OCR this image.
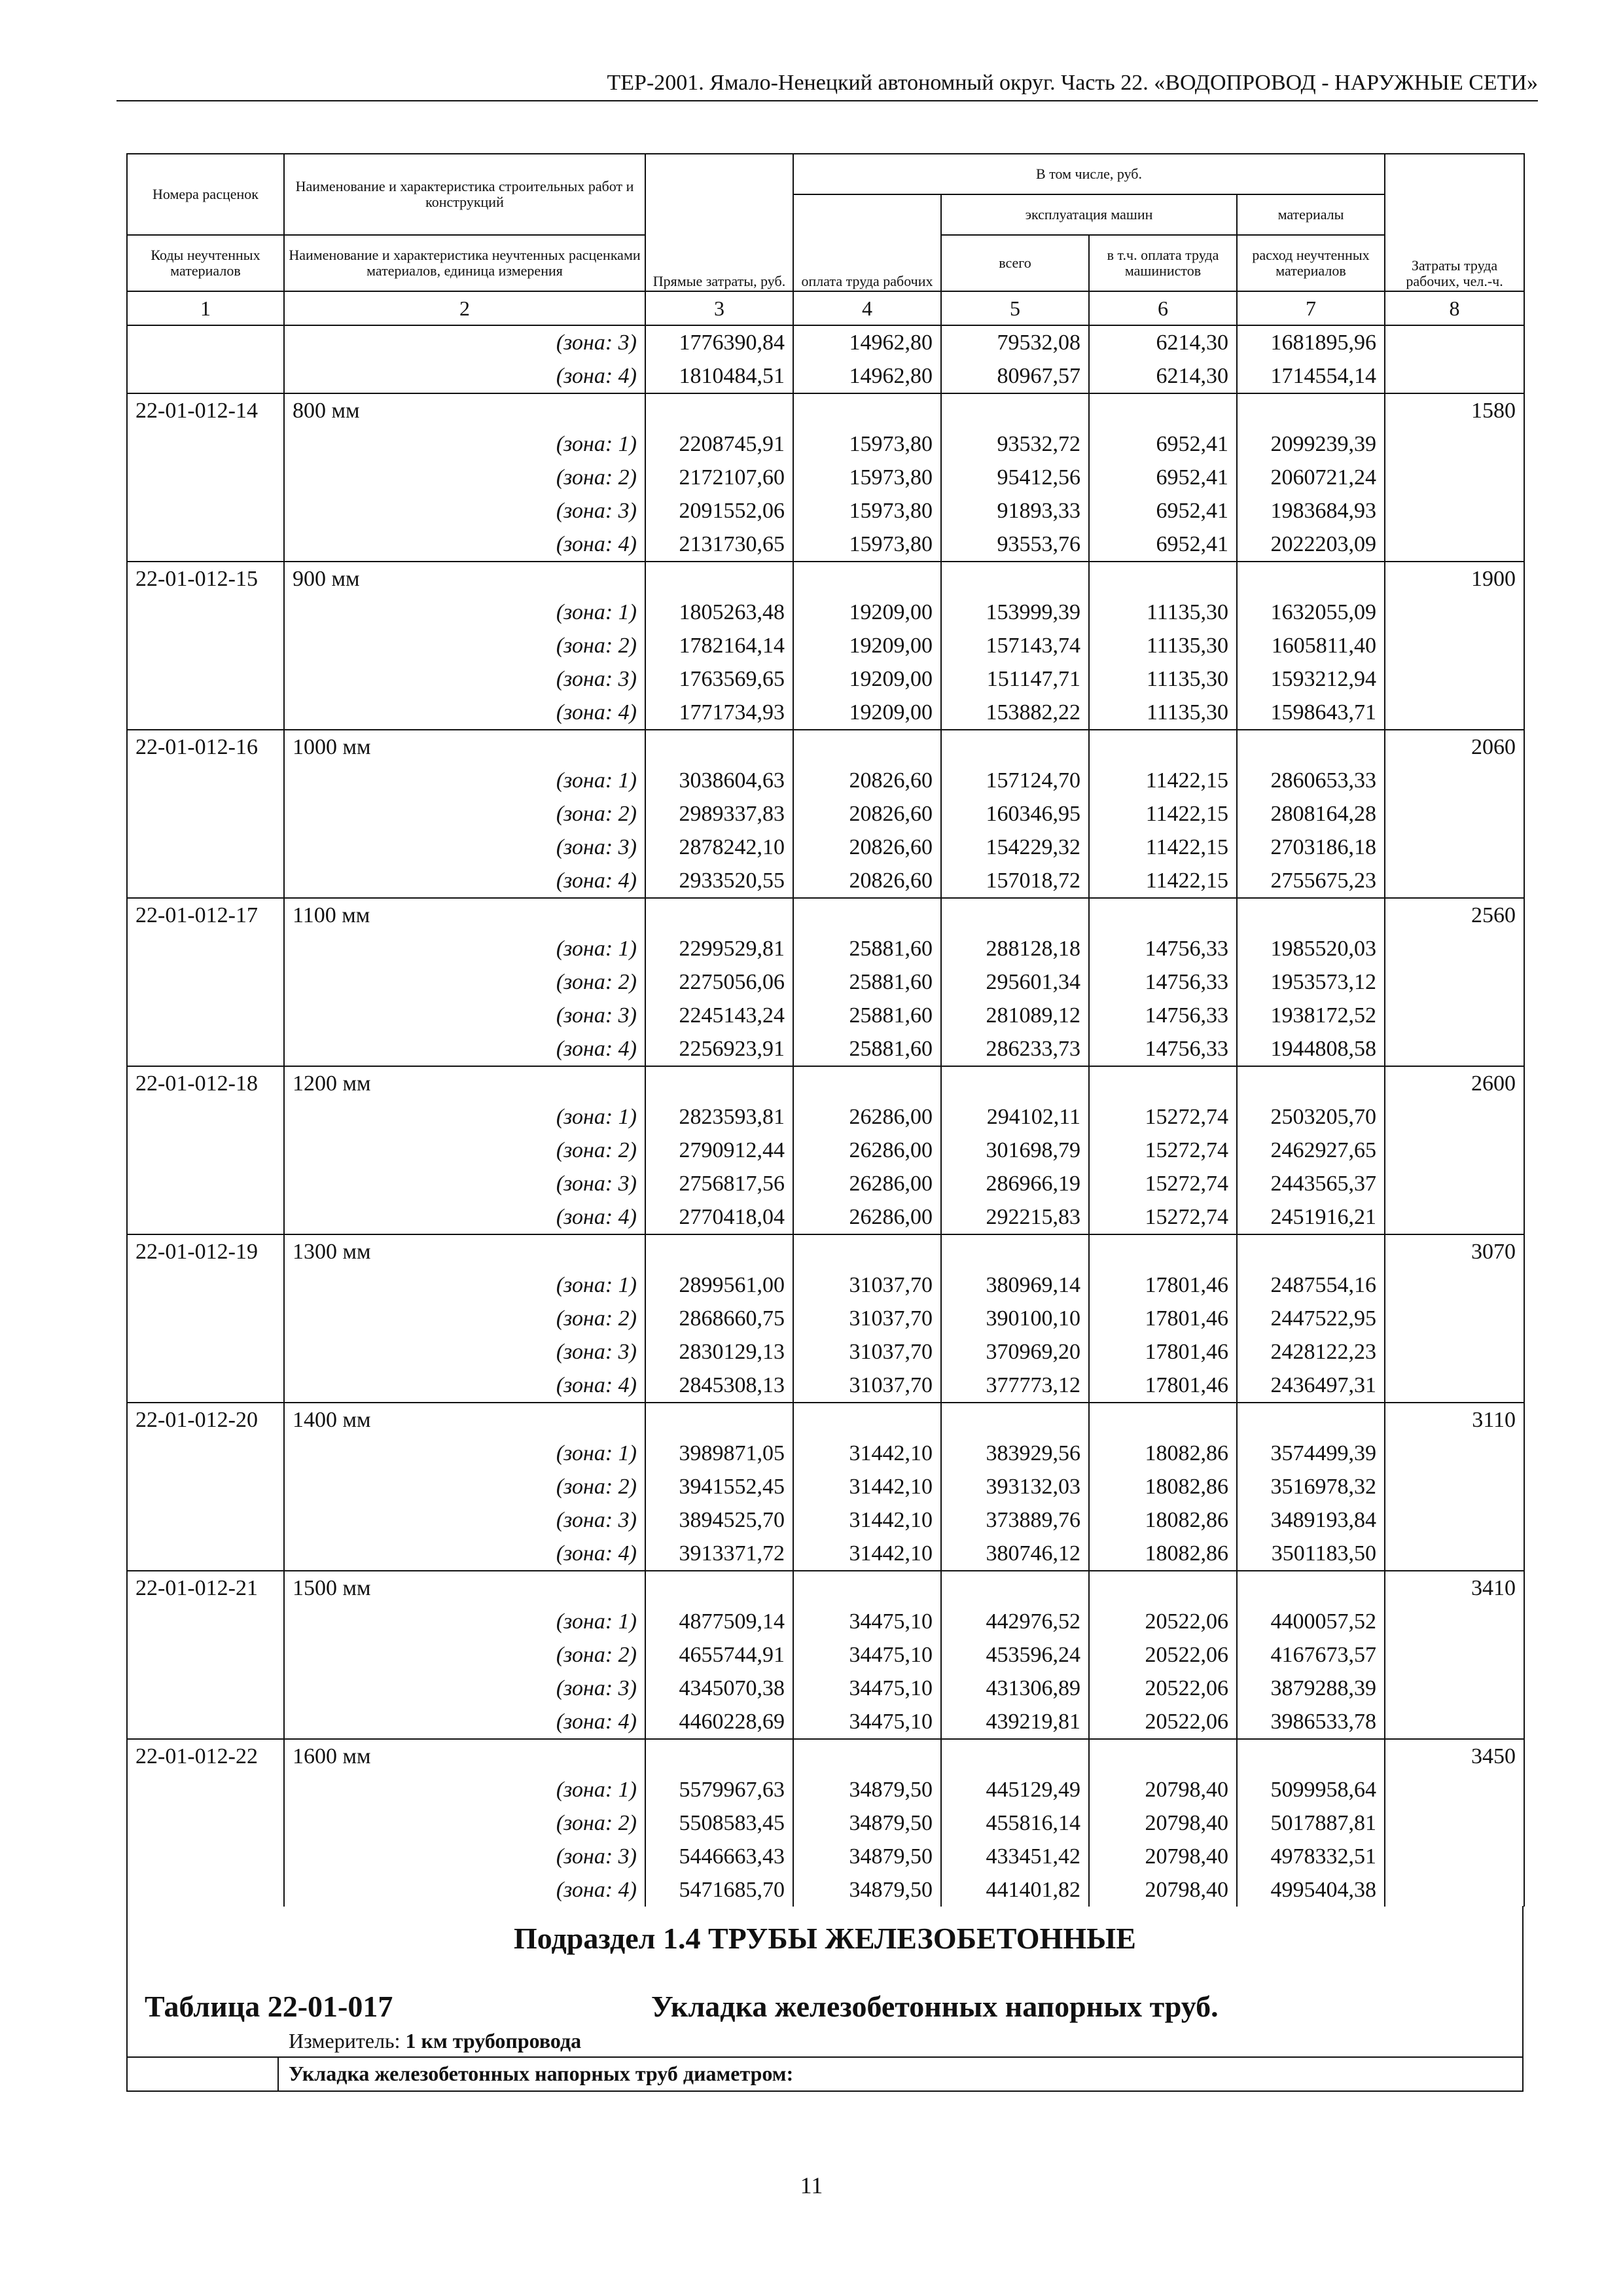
ТЕР-2001. Ямало-Ненецкий автономный округ. Часть 22. «ВОДОПРОВОД - НАРУЖНЫЕ СЕТИ»
Номера расценок	Наименование и характеристика строительных работ и конструкций	Прямые затраты, руб.	В том числе, руб.				Затраты труда рабочих, чел.-ч.
			оплата труда рабочих	эксплуатация машин		материалы	
Коды неучтенных материалов	Наименование и характеристика неучтенных расценками материалов, единица измерения			всего	в т.ч. оплата труда машинистов	расход неучтенных материалов	
1	2	3	4	5	6	7	8
	(зона: 3)	1776390,84	14962,80	79532,08	6214,30	1681895,96	
	(зона: 4)	1810484,51	14962,80	80967,57	6214,30	1714554,14	
22-01-012-14	800 мм						1580
	(зона: 1)	2208745,91	15973,80	93532,72	6952,41	2099239,39	
	(зона: 2)	2172107,60	15973,80	95412,56	6952,41	2060721,24	
	(зона: 3)	2091552,06	15973,80	91893,33	6952,41	1983684,93	
	(зона: 4)	2131730,65	15973,80	93553,76	6952,41	2022203,09	
22-01-012-15	900 мм						1900
	(зона: 1)	1805263,48	19209,00	153999,39	11135,30	1632055,09	
	(зона: 2)	1782164,14	19209,00	157143,74	11135,30	1605811,40	
	(зона: 3)	1763569,65	19209,00	151147,71	11135,30	1593212,94	
	(зона: 4)	1771734,93	19209,00	153882,22	11135,30	1598643,71	
22-01-012-16	1000 мм						2060
	(зона: 1)	3038604,63	20826,60	157124,70	11422,15	2860653,33	
	(зона: 2)	2989337,83	20826,60	160346,95	11422,15	2808164,28	
	(зона: 3)	2878242,10	20826,60	154229,32	11422,15	2703186,18	
	(зона: 4)	2933520,55	20826,60	157018,72	11422,15	2755675,23	
22-01-012-17	1100 мм						2560
	(зона: 1)	2299529,81	25881,60	288128,18	14756,33	1985520,03	
	(зона: 2)	2275056,06	25881,60	295601,34	14756,33	1953573,12	
	(зона: 3)	2245143,24	25881,60	281089,12	14756,33	1938172,52	
	(зона: 4)	2256923,91	25881,60	286233,73	14756,33	1944808,58	
22-01-012-18	1200 мм						2600
	(зона: 1)	2823593,81	26286,00	294102,11	15272,74	2503205,70	
	(зона: 2)	2790912,44	26286,00	301698,79	15272,74	2462927,65	
	(зона: 3)	2756817,56	26286,00	286966,19	15272,74	2443565,37	
	(зона: 4)	2770418,04	26286,00	292215,83	15272,74	2451916,21	
22-01-012-19	1300 мм						3070
	(зона: 1)	2899561,00	31037,70	380969,14	17801,46	2487554,16	
	(зона: 2)	2868660,75	31037,70	390100,10	17801,46	2447522,95	
	(зона: 3)	2830129,13	31037,70	370969,20	17801,46	2428122,23	
	(зона: 4)	2845308,13	31037,70	377773,12	17801,46	2436497,31	
22-01-012-20	1400 мм						3110
	(зона: 1)	3989871,05	31442,10	383929,56	18082,86	3574499,39	
	(зона: 2)	3941552,45	31442,10	393132,03	18082,86	3516978,32	
	(зона: 3)	3894525,70	31442,10	373889,76	18082,86	3489193,84	
	(зона: 4)	3913371,72	31442,10	380746,12	18082,86	3501183,50	
22-01-012-21	1500 мм						3410
	(зона: 1)	4877509,14	34475,10	442976,52	20522,06	4400057,52	
	(зона: 2)	4655744,91	34475,10	453596,24	20522,06	4167673,57	
	(зона: 3)	4345070,38	34475,10	431306,89	20522,06	3879288,39	
	(зона: 4)	4460228,69	34475,10	439219,81	20522,06	3986533,78	
22-01-012-22	1600 мм						3450
	(зона: 1)	5579967,63	34879,50	445129,49	20798,40	5099958,64	
	(зона: 2)	5508583,45	34879,50	455816,14	20798,40	5017887,81	
	(зона: 3)	5446663,43	34879,50	433451,42	20798,40	4978332,51	
	(зона: 4)	5471685,70	34879,50	441401,82	20798,40	4995404,38	
Подраздел 1.4 ТРУБЫ ЖЕЛЕЗОБЕТОННЫЕ
Таблица 22-01-017	Укладка железобетонных напорных труб.
Измеритель: 1 км трубопровода
Укладка железобетонных напорных труб диаметром:
11
